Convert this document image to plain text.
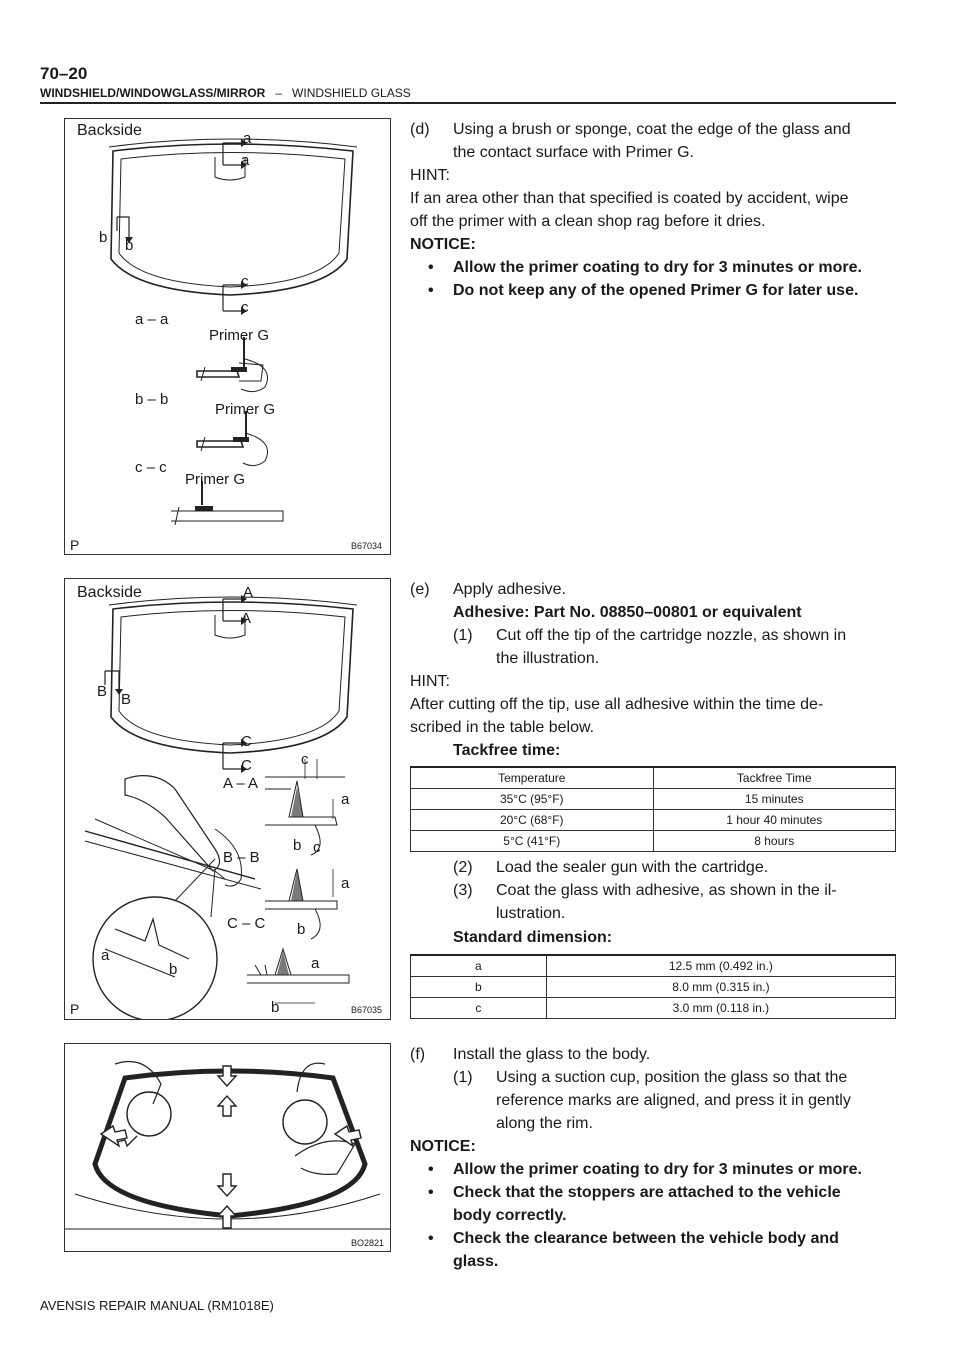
70–20
WINDSHIELD/WINDOWGLASS/MIRROR – WINDSHIELD GLASS
Backside	a
a
b b
c
c
a – a
Primer G
b – b
Primer G
c – c
Primer G
P	B67034
Backside	A
A
B B
C
C
A – A
c
a
b c
B – B
a
C – C b
a
b	a
b
P	B67035
BO2821
(d) Using a brush or sponge, coat the edge of the glass and
the contact surface with Primer G.
HINT:
If an area other than that specified is coated by accident, wipe
off the primer with a clean shop rag before it dries.
NOTICE:
• Allow the primer coating to dry for 3 minutes or more.
• Do not keep any of the opened Primer G for later use.
(e) Apply adhesive.
Adhesive: Part No. 08850–00801 or equivalent
(1) Cut off the tip of the cartridge nozzle, as shown in
the illustration.
HINT:
After cutting off the tip, use all adhesive within the time de-
scribed in the table below.
Tackfree time:
Temperature	Tackfree Time
35°C (95°F)	15 minutes
20°C (68°F)	1 hour 40 minutes
5°C (41°F)	8 hours
(2) Load the sealer gun with the cartridge.
(3) Coat the glass with adhesive, as shown in the il-
lustration.
Standard dimension:
a	12.5 mm (0.492 in.)
b	8.0 mm (0.315 in.)
c	3.0 mm (0.118 in.)
(f) Install the glass to the body.
(1) Using a suction cup, position the glass so that the
reference marks are aligned, and press it in gently
along the rim.
NOTICE:
• Allow the primer coating to dry for 3 minutes or more.
• Check that the stoppers are attached to the vehicle
body correctly.
• Check the clearance between the vehicle body and
glass.
AVENSIS REPAIR MANUAL (RM1018E)
